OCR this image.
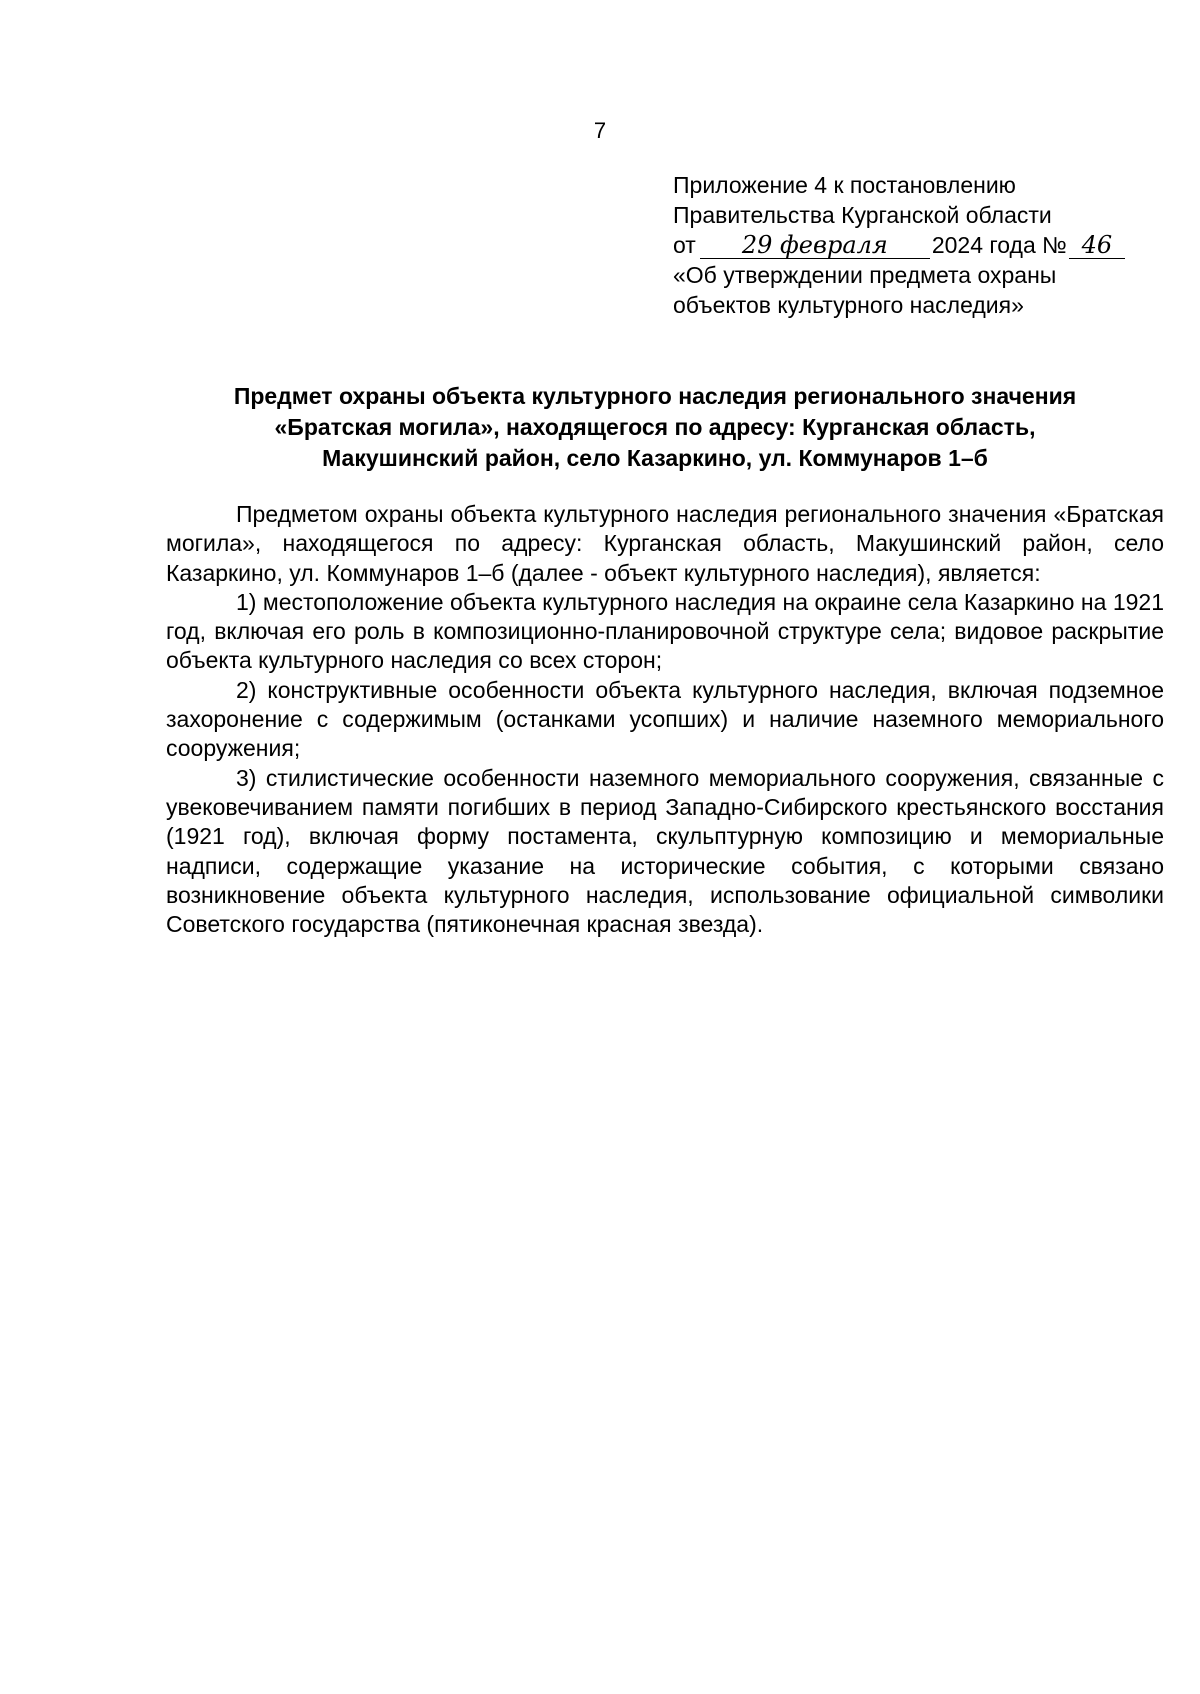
7
Приложение 4 к постановлению
Правительства Курганской области
от 29 февраля 2024 года № 46
«Об утверждении предмета охраны
объектов культурного наследия»
Предмет охраны объекта культурного наследия регионального значения
«Братская могила», находящегося по адресу: Курганская область,
Макушинский район, село Казаркино, ул. Коммунаров 1–б

Предметом охраны объекта культурного наследия регионального значения «Братская могила», находящегося по адресу: Курганская область, Макушинский район, село Казаркино, ул. Коммунаров 1–б (далее - объект культурного наследия), является:

1) местоположение объекта культурного наследия на окраине села Казаркино на 1921 год, включая его роль в композиционно-планировочной структуре села; видовое раскрытие объекта культурного наследия со всех сторон;

2) конструктивные особенности объекта культурного наследия, включая подземное захоронение с содержимым (останками усопших) и наличие наземного мемориального сооружения;

3) стилистические особенности наземного мемориального сооружения, связанные с увековечиванием памяти погибших в период Западно-Сибирского крестьянского восстания (1921 год), включая форму постамента, скульптурную композицию и мемориальные надписи, содержащие указание на исторические события, с которыми связано возникновение объекта культурного наследия, использование официальной символики Советского государства (пятиконечная красная звезда).
